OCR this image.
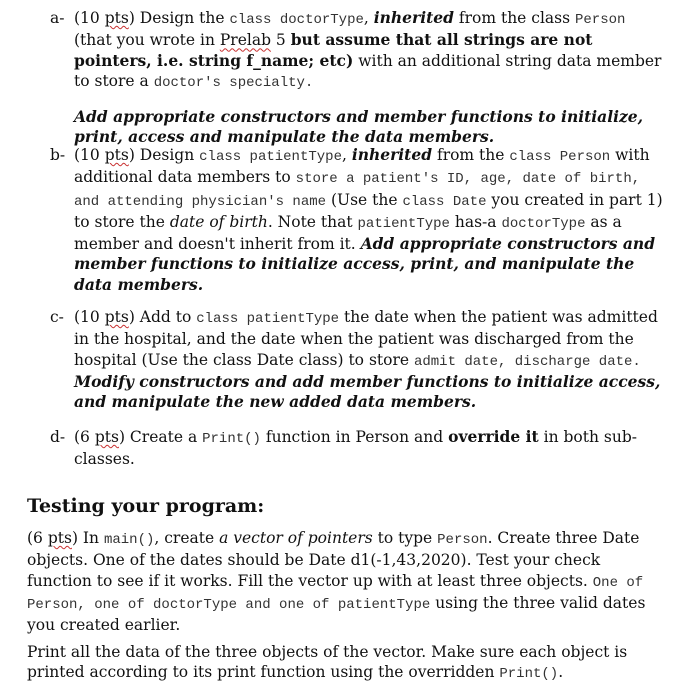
a- (10 pts) Design the class doctorType, inherited from the class Person (that you wrote in Prelab 5 but assume that all strings are not pointers, i.e. string f_name; etc) with an additional string data member to store a doctor's specialty.

Add appropriate constructors and member functions to initialize, print, access and manipulate the data members.

b- (10 pts) Design class patientType, inherited from the class Person with additional data members to store a patient's ID, age, date of birth, and attending physician's name (Use the class Date you created in part 1) to store the date of birth. Note that patientType has-a doctorType as a member and doesn't inherit from it. Add appropriate constructors and member functions to initialize access, print, and manipulate the data members.

c- (10 pts) Add to class patientType the date when the patient was admitted in the hospital, and the date when the patient was discharged from the hospital (Use the class Date class) to store admit date, discharge date. Modify constructors and add member functions to initialize access, and manipulate the new added data members.

d- (6 pts) Create a Print() function in Person and override it in both sub-classes.

Testing your program:

(6 pts) In main(), create a vector of pointers to type Person. Create three Date objects. One of the dates should be Date d1(-1,43,2020). Test your check function to see if it works. Fill the vector up with at least three objects. One of Person, one of doctorType and one of patientType using the three valid dates you created earlier.

Print all the data of the three objects of the vector. Make sure each object is printed according to its print function using the overridden Print().
